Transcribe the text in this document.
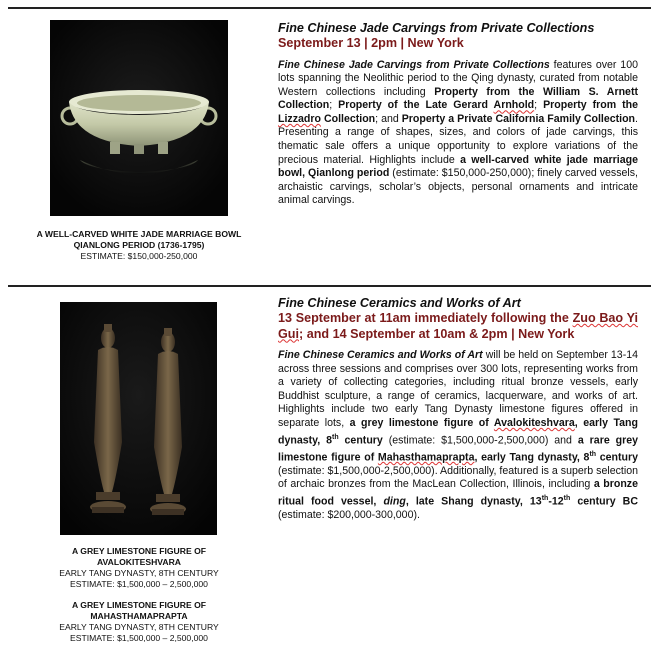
A WELL-CARVED WHITE JADE MARRIAGE BOWL
QIANLONG PERIOD (1736-1795)
ESTIMATE: $150,000-250,000
Fine Chinese Jade Carvings from Private Collections
September 13 | 2pm | New York

Fine Chinese Jade Carvings from Private Collections features over 100 lots spanning the Neolithic period to the Qing dynasty, curated from notable Western collections including Property from the William S. Arnett Collection; Property of the Late Gerard Arnhold; Property from the Lizzadro Collection; and Property a Private California Family Collection. Presenting a range of shapes, sizes, and colors of jade carvings, this thematic sale offers a unique opportunity to explore variations of the precious material. Highlights include a well-carved white jade marriage bowl, Qianlong period (estimate: $150,000-250,000); finely carved vessels, archaistic carvings, scholar’s objects, personal ornaments and intricate animal carvings.

A GREY LIMESTONE FIGURE OF
AVALOKITESHVARA
EARLY TANG DYNASTY, 8TH CENTURY
ESTIMATE: $1,500,000 – 2,500,000
A GREY LIMESTONE FIGURE OF
MAHASTHAMAPRAPTA
EARLY TANG DYNASTY, 8TH CENTURY
ESTIMATE: $1,500,000 – 2,500,000
Fine Chinese Ceramics and Works of Art
13 September at 11am immediately following the Zuo Bao Yi Gui; and 14 September at 10am & 2pm | New York

Fine Chinese Ceramics and Works of Art will be held on September 13-14 across three sessions and comprises over 300 lots, representing works from a variety of collecting categories, including ritual bronze vessels, early Buddhist sculpture, a range of ceramics, lacquerware, and works of art. Highlights include two early Tang Dynasty limestone figures offered in separate lots, a grey limestone figure of Avalokiteshvara, early Tang dynasty, 8th century (estimate: $1,500,000-2,500,000) and a rare grey limestone figure of Mahasthamaprapta, early Tang dynasty, 8th century (estimate: $1,500,000-2,500,000). Additionally, featured is a superb selection of archaic bronzes from the MacLean Collection, Illinois, including a bronze ritual food vessel, ding, late Shang dynasty, 13th-12th century BC (estimate: $200,000-300,000).
